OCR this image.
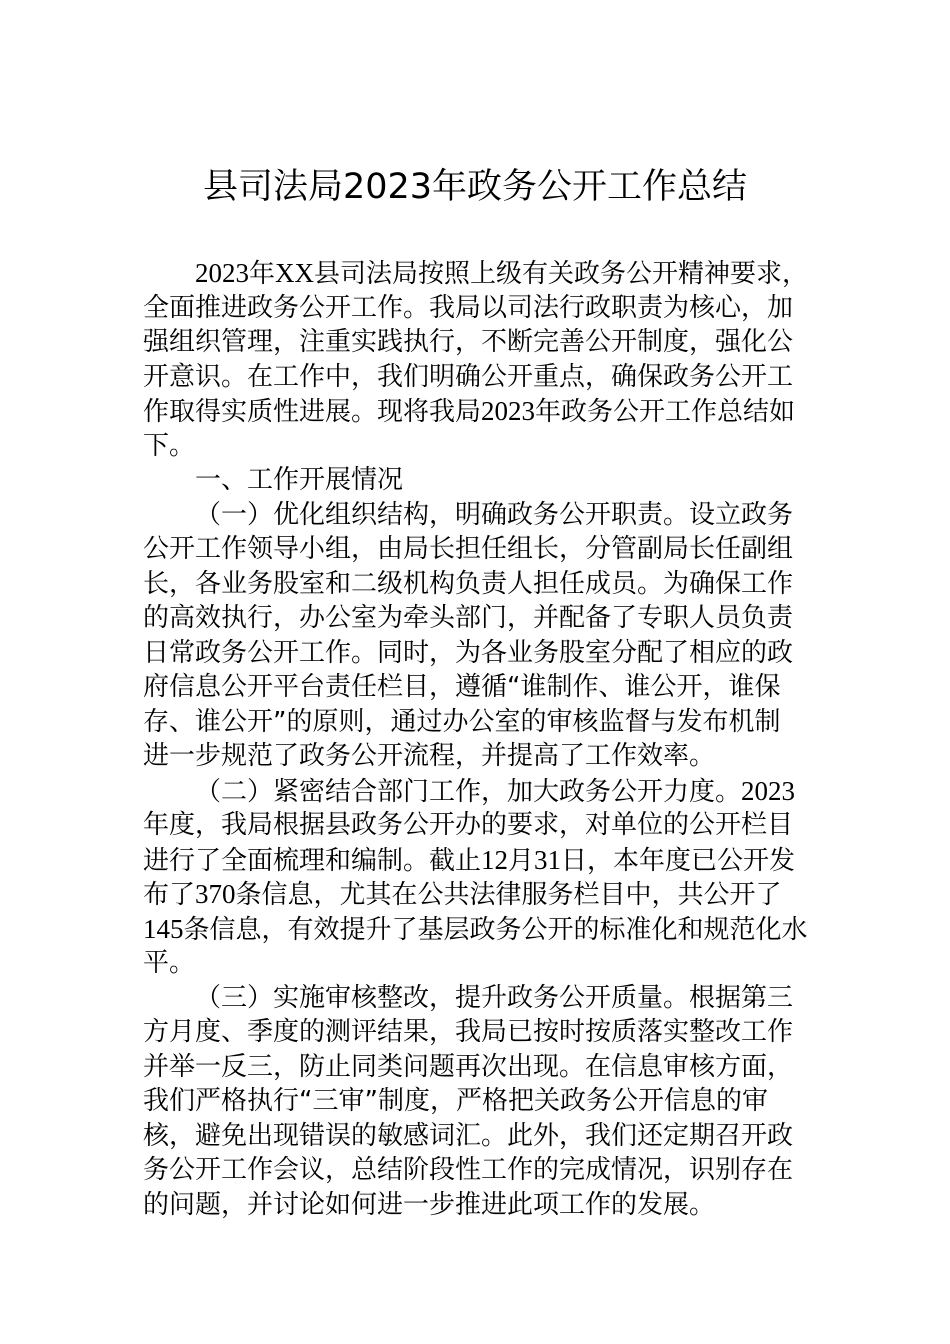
县司法局2023年政务公开工作总结
2023年XX县司法局按照上级有关政务公开精神要求，
全面推进政务公开工作。我局以司法行政职责为核心，加
强组织管理，注重实践执行，不断完善公开制度，强化公
开意识。在工作中，我们明确公开重点，确保政务公开工
作取得实质性进展。现将我局2023年政务公开工作总结如
下。
一、工作开展情况
（一）优化组织结构，明确政务公开职责。设立政务
公开工作领导小组，由局长担任组长，分管副局长任副组
长，各业务股室和二级机构负责人担任成员。为确保工作
的高效执行，办公室为牵头部门，并配备了专职人员负责
日常政务公开工作。同时，为各业务股室分配了相应的政
府信息公开平台责任栏目，遵循“谁制作、谁公开，谁保
存、谁公开”的原则，通过办公室的审核监督与发布机制
进一步规范了政务公开流程，并提高了工作效率。
（二）紧密结合部门工作，加大政务公开力度。2023
年度，我局根据县政务公开办的要求，对单位的公开栏目
进行了全面梳理和编制。截止12月31日，本年度已公开发
布了370条信息，尤其在公共法律服务栏目中，共公开了
145条信息，有效提升了基层政务公开的标准化和规范化水
平。
（三）实施审核整改，提升政务公开质量。根据第三
方月度、季度的测评结果，我局已按时按质落实整改工作
并举一反三，防止同类问题再次出现。在信息审核方面，
我们严格执行“三审”制度，严格把关政务公开信息的审
核，避免出现错误的敏感词汇。此外，我们还定期召开政
务公开工作会议，总结阶段性工作的完成情况，识别存在
的问题，并讨论如何进一步推进此项工作的发展。
